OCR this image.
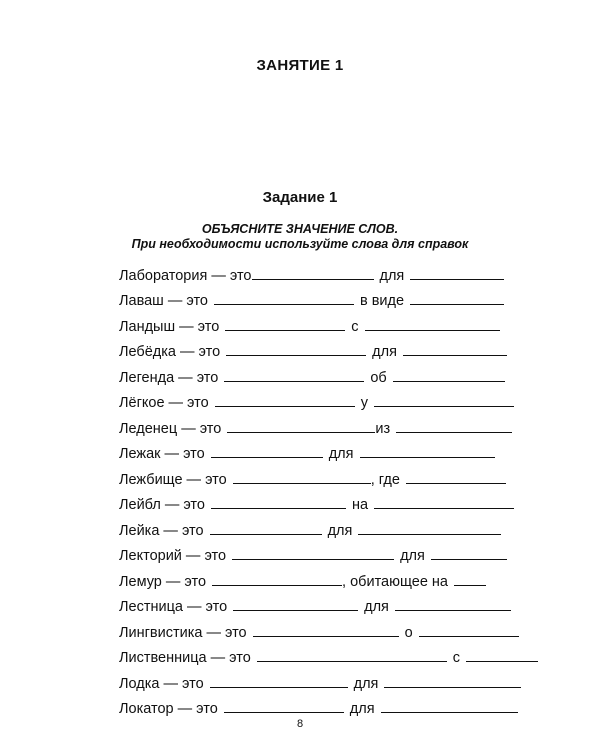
ЗАНЯТИЕ 1
Задание 1
ОБЪЯСНИТЕ ЗНАЧЕНИЕ СЛОВ.
При необходимости используйте слова для справок
Лаборатория — это	для
Лаваш — это	в виде
Ландыш — это	с
Лебёдка — это	для
Легенда — это	об
Лёгкое — это	у
Леденец — это	из
Лежак — это	для
Лежбище — это	, где
Лейбл — это	на
Лейка — это	для
Лекторий — это	для
Лемур — это	, обитающее на
Лестница — это	для
Лингвистика — это	о
Лиственница — это	с
Лодка — это	для
Локатор — это	для
8
